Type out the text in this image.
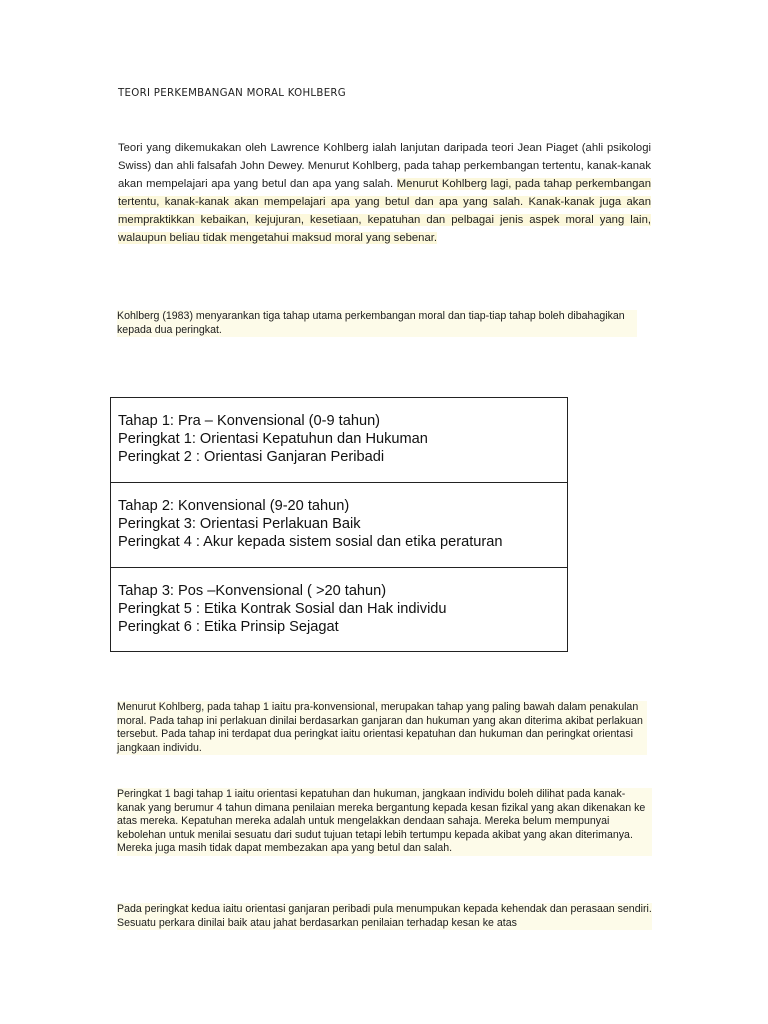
TEORI PERKEMBANGAN MORAL KOHLBERG

Teori yang dikemukakan oleh Lawrence Kohlberg ialah lanjutan daripada teori Jean Piaget (ahli psikologi Swiss) dan ahli falsafah John Dewey. Menurut Kohlberg, pada tahap perkembangan tertentu, kanak-kanak akan mempelajari apa yang betul dan apa yang salah. Menurut Kohlberg lagi, pada tahap perkembangan tertentu, kanak-kanak akan mempelajari apa yang betul dan apa yang salah. Kanak-kanak juga akan mempraktikkan kebaikan, kejujuran, kesetiaan, kepatuhan dan pelbagai jenis aspek moral yang lain, walaupun beliau tidak mengetahui maksud moral yang sebenar.

Kohlberg (1983) menyarankan tiga tahap utama perkembangan moral dan tiap-tiap tahap boleh dibahagikan kepada dua peringkat.

Tahap 1: Pra – Konvensional (0-9 tahun)
Peringkat 1: Orientasi Kepatuhun dan Hukuman
Peringkat 2 : Orientasi Ganjaran Peribadi
Tahap 2: Konvensional (9-20 tahun)
Peringkat 3: Orientasi Perlakuan Baik
Peringkat 4 : Akur kepada sistem sosial dan etika peraturan
Tahap 3: Pos –Konvensional ( >20 tahun)
Peringkat 5 : Etika Kontrak Sosial dan Hak individu
Peringkat 6 : Etika Prinsip Sejagat

Menurut Kohlberg, pada tahap 1 iaitu pra-konvensional, merupakan tahap yang paling bawah dalam penakulan moral. Pada tahap ini perlakuan dinilai berdasarkan ganjaran dan hukuman yang akan diterima akibat perlakuan tersebut. Pada tahap ini terdapat dua peringkat iaitu orientasi kepatuhan dan hukuman dan peringkat orientasi jangkaan individu.

Peringkat 1 bagi tahap 1 iaitu orientasi kepatuhan dan hukuman, jangkaan individu boleh dilihat pada kanak-kanak yang berumur 4 tahun dimana penilaian mereka bergantung kepada kesan fizikal yang akan dikenakan ke atas mereka. Kepatuhan mereka adalah untuk mengelakkan dendaan sahaja. Mereka belum mempunyai kebolehan untuk menilai sesuatu dari sudut tujuan tetapi lebih tertumpu kepada akibat yang akan diterimanya. Mereka juga masih tidak dapat membezakan apa yang betul dan salah.

Pada peringkat kedua iaitu orientasi ganjaran peribadi pula menumpukan kepada kehendak dan perasaan sendiri. Sesuatu perkara dinilai baik atau jahat berdasarkan penilaian terhadap kesan ke atas
